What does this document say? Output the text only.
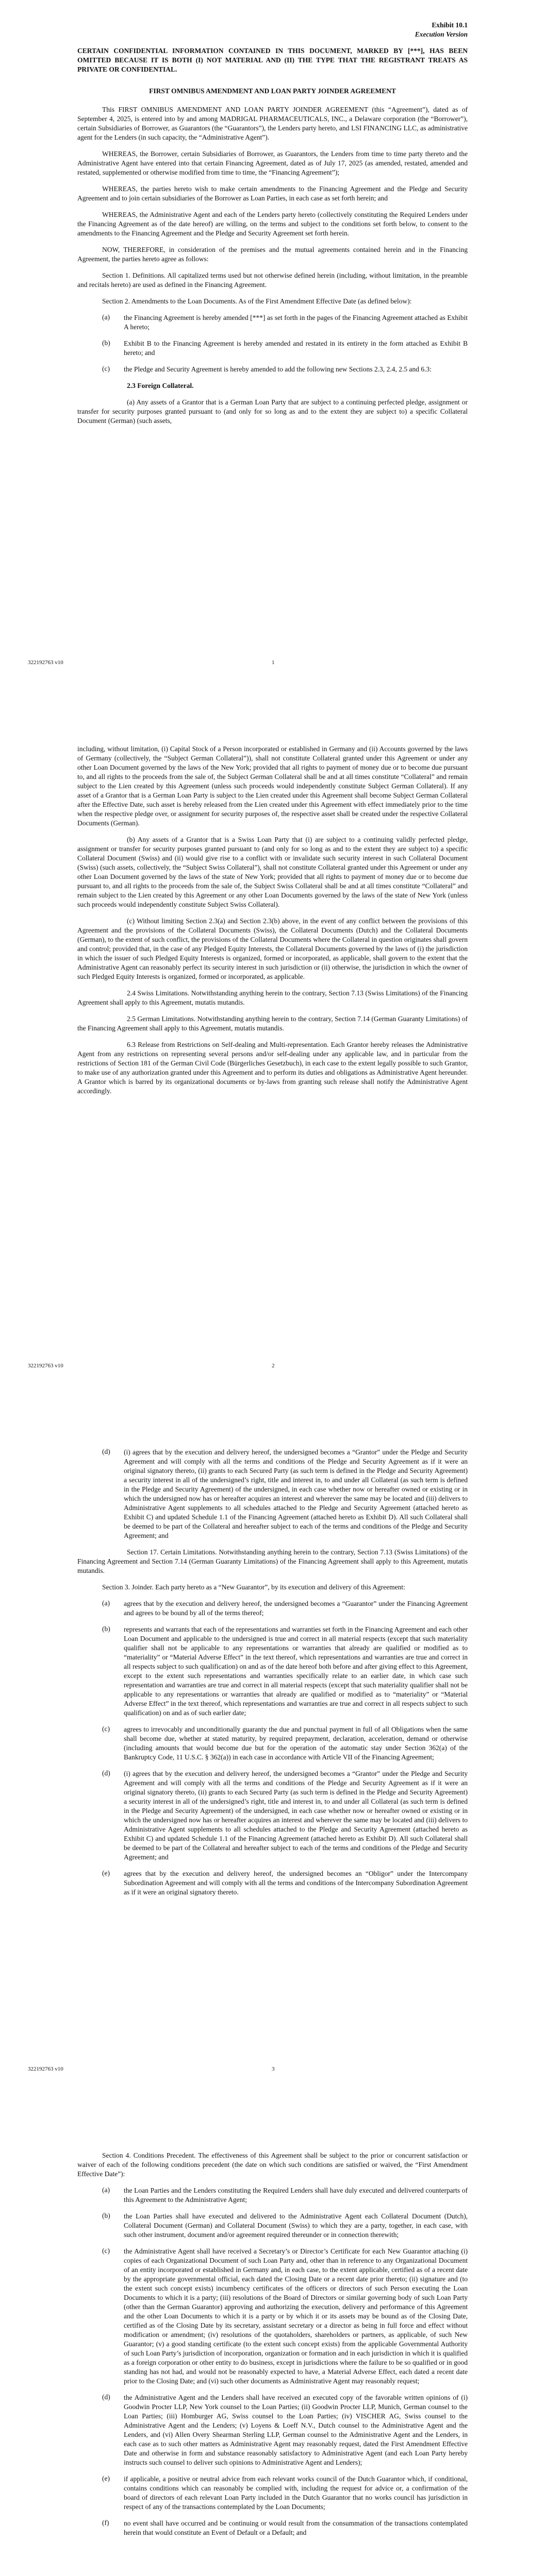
Exhibit 10.1

Execution Version

CERTAIN CONFIDENTIAL INFORMATION CONTAINED IN THIS DOCUMENT, MARKED BY [***], HAS BEEN OMITTED BECAUSE IT IS BOTH (I) NOT MATERIAL AND (II) THE TYPE THAT THE REGISTRANT TREATS AS PRIVATE OR CONFIDENTIAL.

FIRST OMNIBUS AMENDMENT AND LOAN PARTY JOINDER AGREEMENT

This FIRST OMNIBUS AMENDMENT AND LOAN PARTY JOINDER AGREEMENT (this “Agreement”), dated as of September 4, 2025, is entered into by and among MADRIGAL PHARMACEUTICALS, INC., a Delaware corporation (the “Borrower”), certain Subsidiaries of Borrower, as Guarantors (the “Guarantors”), the Lenders party hereto, and LSI FINANCING LLC, as administrative agent for the Lenders (in such capacity, the “Administrative Agent”).

WHEREAS, the Borrower, certain Subsidiaries of Borrower, as Guarantors, the Lenders from time to time party thereto and the Administrative Agent have entered into that certain Financing Agreement, dated as of July 17, 2025 (as amended, restated, amended and restated, supplemented or otherwise modified from time to time, the “Financing Agreement”);

WHEREAS, the parties hereto wish to make certain amendments to the Financing Agreement and the Pledge and Security Agreement and to join certain subsidiaries of the Borrower as Loan Parties, in each case as set forth herein; and

WHEREAS, the Administrative Agent and each of the Lenders party hereto (collectively constituting the Required Lenders under the Financing Agreement as of the date hereof) are willing, on the terms and subject to the conditions set forth below, to consent to the amendments to the Financing Agreement and the Pledge and Security Agreement set forth herein.

NOW, THEREFORE, in consideration of the premises and the mutual agreements contained herein and in the Financing Agreement, the parties hereto agree as follows:

Section 1. Definitions. All capitalized terms used but not otherwise defined herein (including, without limitation, in the preamble and recitals hereto) are used as defined in the Financing Agreement.

Section 2. Amendments to the Loan Documents. As of the First Amendment Effective Date (as defined below):

(a)	the Financing Agreement is hereby amended [***] as set forth in the pages of the Financing Agreement attached as Exhibit A hereto;
(b)	Exhibit B to the Financing Agreement is hereby amended and restated in its entirety in the form attached as Exhibit B hereto; and
(c)	the Pledge and Security Agreement is hereby amended to add the following new Sections 2.3, 2.4, 2.5 and 6.3:

2.3 Foreign Collateral.

(a) Any assets of a Grantor that is a German Loan Party that are subject to a continuing perfected pledge, assignment or transfer for security purposes granted pursuant to (and only for so long as and to the extent they are subject to) a specific Collateral Document (German) (such assets,

322192763 v10	1

including, without limitation, (i) Capital Stock of a Person incorporated or established in Germany and (ii) Accounts governed by the laws of Germany (collectively, the “Subject German Collateral”)), shall not constitute Collateral granted under this Agreement or under any other Loan Document governed by the laws of the New York; provided that all rights to payment of money due or to become due pursuant to, and all rights to the proceeds from the sale of, the Subject German Collateral shall be and at all times constitute “Collateral” and remain subject to the Lien created by this Agreement (unless such proceeds would independently constitute Subject German Collateral). If any asset of a Grantor that is a German Loan Party is subject to the Lien created under this Agreement shall become Subject German Collateral after the Effective Date, such asset is hereby released from the Lien created under this Agreement with effect immediately prior to the time when the respective pledge over, or assignment for security purposes of, the respective asset shall be created under the respective Collateral Documents (German).

(b) Any assets of a Grantor that is a Swiss Loan Party that (i) are subject to a continuing validly perfected pledge, assignment or transfer for security purposes granted pursuant to (and only for so long as and to the extent they are subject to) a specific Collateral Document (Swiss) and (ii) would give rise to a conflict with or invalidate such security interest in such Collateral Document (Swiss) (such assets, collectively, the “Subject Swiss Collateral”), shall not constitute Collateral granted under this Agreement or under any other Loan Document governed by the laws of the state of New York; provided that all rights to payment of money due or to become due pursuant to, and all rights to the proceeds from the sale of, the Subject Swiss Collateral shall be and at all times constitute “Collateral” and remain subject to the Lien created by this Agreement or any other Loan Documents governed by the laws of the state of New York (unless such proceeds would independently constitute Subject Swiss Collateral).

(c) Without limiting Section 2.3(a) and Section 2.3(b) above, in the event of any conflict between the provisions of this Agreement and the provisions of the Collateral Documents (Swiss), the Collateral Documents (Dutch) and the Collateral Documents (German), to the extent of such conflict, the provisions of the Collateral Documents where the Collateral in question originates shall govern and control; provided that, in the case of any Pledged Equity Interests, the Collateral Documents governed by the laws of (i) the jurisdiction in which the issuer of such Pledged Equity Interests is organized, formed or incorporated, as applicable, shall govern to the extent that the Administrative Agent can reasonably perfect its security interest in such jurisdiction or (ii) otherwise, the jurisdiction in which the owner of such Pledged Equity Interests is organized, formed or incorporated, as applicable.

2.4 Swiss Limitations. Notwithstanding anything herein to the contrary, Section 7.13 (Swiss Limitations) of the Financing Agreement shall apply to this Agreement, mutatis mutandis.

2.5 German Limitations. Notwithstanding anything herein to the contrary, Section 7.14 (German Guaranty Limitations) of the Financing Agreement shall apply to this Agreement, mutatis mutandis.

6.3 Release from Restrictions on Self-dealing and Multi-representation. Each Grantor hereby releases the Administrative Agent from any restrictions on representing several persons and/or self-dealing under any applicable law, and in particular from the restrictions of Section 181 of the German Civil Code (Bürgerliches Gesetzbuch), in each case to the extent legally possible to such Grantor, to make use of any authorization granted under this Agreement and to perform its duties and obligations as Administrative Agent hereunder. A Grantor which is barred by its organizational documents or by-laws from granting such release shall notify the Administrative Agent accordingly.

322192763 v10	2
(d)	(i) agrees that by the execution and delivery hereof, the undersigned becomes a “Grantor” under the Pledge and Security Agreement and will comply with all the terms and conditions of the Pledge and Security Agreement as if it were an original signatory thereto, (ii) grants to each Secured Party (as such term is defined in the Pledge and Security Agreement) a security interest in all of the undersigned’s right, title and interest in, to and under all Collateral (as such term is defined in the Pledge and Security Agreement) of the undersigned, in each case whether now or hereafter owned or existing or in which the undersigned now has or hereafter acquires an interest and wherever the same may be located and (iii) delivers to Administrative Agent supplements to all schedules attached to the Pledge and Security Agreement (attached hereto as Exhibit C) and updated Schedule 1.1 of the Financing Agreement (attached hereto as Exhibit D). All such Collateral shall be deemed to be part of the Collateral and hereafter subject to each of the terms and conditions of the Pledge and Security Agreement; and

Section 17. Certain Limitations. Notwithstanding anything herein to the contrary, Section 7.13 (Swiss Limitations) of the Financing Agreement and Section 7.14 (German Guaranty Limitations) of the Financing Agreement shall apply to this Agreement, mutatis mutandis.

Section 3. Joinder. Each party hereto as a “New Guarantor”, by its execution and delivery of this Agreement:

(a)	agrees that by the execution and delivery hereof, the undersigned becomes a “Guarantor” under the Financing Agreement and agrees to be bound by all of the terms thereof;
(b)	represents and warrants that each of the representations and warranties set forth in the Financing Agreement and each other Loan Document and applicable to the undersigned is true and correct in all material respects (except that such materiality qualifier shall not be applicable to any representations or warranties that already are qualified or modified as to “materiality” or “Material Adverse Effect” in the text thereof, which representations and warranties are true and correct in all respects subject to such qualification) on and as of the date hereof both before and after giving effect to this Agreement, except to the extent such representations and warranties specifically relate to an earlier date, in which case such representation and warranties are true and correct in all material respects (except that such materiality qualifier shall not be applicable to any representations or warranties that already are qualified or modified as to “materiality” or “Material Adverse Effect” in the text thereof, which representations and warranties are true and correct in all respects subject to such qualification) on and as of such earlier date;
(c)	agrees to irrevocably and unconditionally guaranty the due and punctual payment in full of all Obligations when the same shall become due, whether at stated maturity, by required prepayment, declaration, acceleration, demand or otherwise (including amounts that would become due but for the operation of the automatic stay under Section 362(a) of the Bankruptcy Code, 11 U.S.C. § 362(a)) in each case in accordance with Article VII of the Financing Agreement;
(d)	(i) agrees that by the execution and delivery hereof, the undersigned becomes a “Grantor” under the Pledge and Security Agreement and will comply with all the terms and conditions of the Pledge and Security Agreement as if it were an original signatory thereto, (ii) grants to each Secured Party (as such term is defined in the Pledge and Security Agreement) a security interest in all of the undersigned’s right, title and interest in, to and under all Collateral (as such term is defined in the Pledge and Security Agreement) of the undersigned, in each case whether now or hereafter owned or existing or in which the undersigned now has or hereafter acquires an interest and wherever the same may be located and (iii) delivers to Administrative Agent supplements to all schedules attached to the Pledge and Security Agreement (attached hereto as Exhibit C) and updated Schedule 1.1 of the Financing Agreement (attached hereto as Exhibit D). All such Collateral shall be deemed to be part of the Collateral and hereafter subject to each of the terms and conditions of the Pledge and Security Agreement; and
(e)	agrees that by the execution and delivery hereof, the undersigned becomes an “Obligor” under the Intercompany Subordination Agreement and will comply with all the terms and conditions of the Intercompany Subordination Agreement as if it were an original signatory thereto.
322192763 v10	3

Section 4. Conditions Precedent. The effectiveness of this Agreement shall be subject to the prior or concurrent satisfaction or waiver of each of the following conditions precedent (the date on which such conditions are satisfied or waived, the “First Amendment Effective Date”):

(a)	the Loan Parties and the Lenders constituting the Required Lenders shall have duly executed and delivered counterparts of this Agreement to the Administrative Agent;
(b)	the Loan Parties shall have executed and delivered to the Administrative Agent each Collateral Document (Dutch), Collateral Document (German) and Collateral Document (Swiss) to which they are a party, together, in each case, with such other instrument, document and/or agreement required thereunder or in connection therewith;
(c)	the Administrative Agent shall have received a Secretary’s or Director’s Certificate for each New Guarantor attaching (i) copies of each Organizational Document of such Loan Party and, other than in reference to any Organizational Document of an entity incorporated or established in Germany and, in each case, to the extent applicable, certified as of a recent date by the appropriate governmental official, each dated the Closing Date or a recent date prior thereto; (ii) signature and (to the extent such concept exists) incumbency certificates of the officers or directors of such Person executing the Loan Documents to which it is a party; (iii) resolutions of the Board of Directors or similar governing body of such Loan Party (other than the German Guarantor) approving and authorizing the execution, delivery and performance of this Agreement and the other Loan Documents to which it is a party or by which it or its assets may be bound as of the Closing Date, certified as of the Closing Date by its secretary, assistant secretary or a director as being in full force and effect without modification or amendment; (iv) resolutions of the quotaholders, shareholders or partners, as applicable, of such New Guarantor; (v) a good standing certificate (to the extent such concept exists) from the applicable Governmental Authority of such Loan Party’s jurisdiction of incorporation, organization or formation and in each jurisdiction in which it is qualified as a foreign corporation or other entity to do business, except in jurisdictions where the failure to be so qualified or in good standing has not had, and would not be reasonably expected to have, a Material Adverse Effect, each dated a recent date prior to the Closing Date; and (vi) such other documents as Administrative Agent may reasonably request;
(d)	the Administrative Agent and the Lenders shall have received an executed copy of the favorable written opinions of (i) Goodwin Procter LLP, New York counsel to the Loan Parties; (ii) Goodwin Procter LLP, Munich, German counsel to the Loan Parties; (iii) Homburger AG, Swiss counsel to the Loan Parties; (iv) VISCHER AG, Swiss counsel to the Administrative Agent and the Lenders; (v) Loyens & Loeff N.V., Dutch counsel to the Administrative Agent and the Lenders, and (vi) Allen Overy Shearman Sterling LLP, German counsel to the Administrative Agent and the Lenders, in each case as to such other matters as Administrative Agent may reasonably request, dated the First Amendment Effective Date and otherwise in form and substance reasonably satisfactory to Administrative Agent (and each Loan Party hereby instructs such counsel to deliver such opinions to Administrative Agent and Lenders);
(e)	if applicable, a positive or neutral advice from each relevant works council of the Dutch Guarantor which, if conditional, contains conditions which can reasonably be complied with, including the request for advice or, a confirmation of the board of directors of each relevant Loan Party included in the Dutch Guarantor that no works council has jurisdiction in respect of any of the transactions contemplated by the Loan Documents;
(f)	no event shall have occurred and be continuing or would result from the consummation of the transactions contemplated herein that would constitute an Event of Default or a Default; and
